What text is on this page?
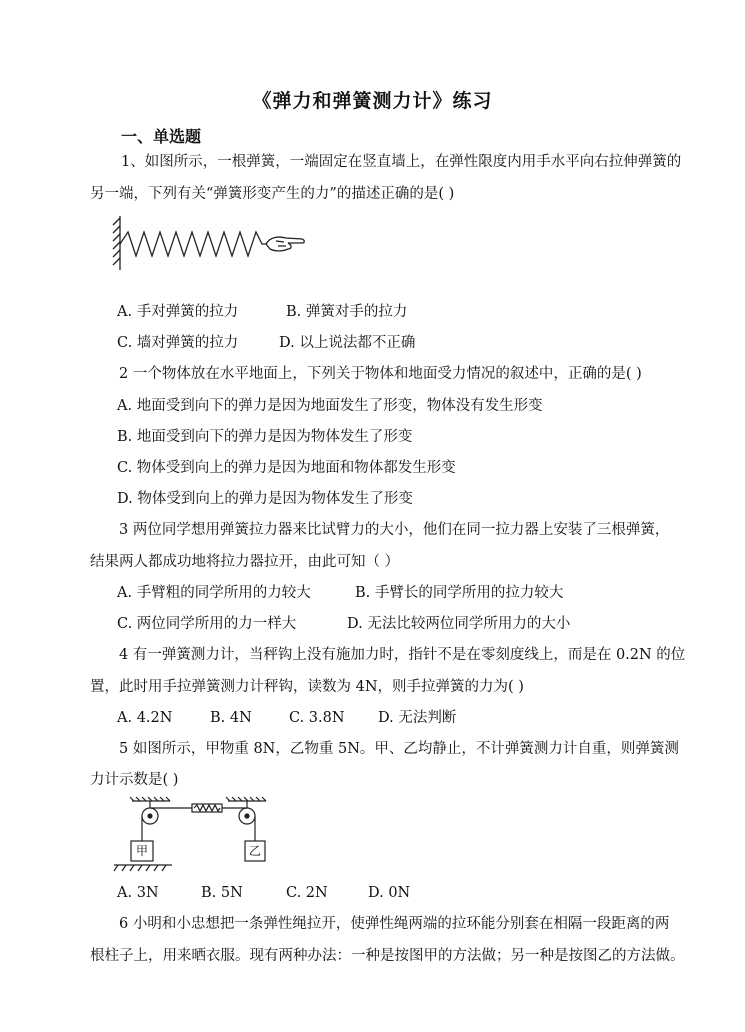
《弹力和弹簧测力计》练习
一、单选题
1、如图所示，一根弹簧，一端固定在竖直墙上，在弹性限度内用手水平向右拉伸弹簧的
另一端，下列有关“弹簧形变产生的力”的描述正确的是( )
A. 手对弹簧的拉力	B. 弹簧对手的拉力
C. 墙对弹簧的拉力	D. 以上说法都不正确
2 一个物体放在水平地面上，下列关于物体和地面受力情况的叙述中，正确的是( )
A. 地面受到向下的弹力是因为地面发生了形变，物体没有发生形变
B. 地面受到向下的弹力是因为物体发生了形变
C. 物体受到向上的弹力是因为地面和物体都发生形变
D. 物体受到向上的弹力是因为物体发生了形变
3 两位同学想用弹簧拉力器来比试臂力的大小，他们在同一拉力器上安装了三根弹簧，
结果两人都成功地将拉力器拉开，由此可知（ ）
A. 手臂粗的同学所用的力较大	B. 手臂长的同学所用的拉力较大
C. 两位同学所用的力一样大	D. 无法比较两位同学所用力的大小
4 有一弹簧测力计，当秤钩上没有施加力时，指针不是在零刻度线上，而是在 0.2N 的位
置，此时用手拉弹簧测力计秤钩，读数为 4N，则手拉弹簧的力为( )
A. 4.2N	B. 4N	C. 3.8N D. 无法判断
5 如图所示，甲物重 8N，乙物重 5N。甲、乙均静止，不计弹簧测力计自重，则弹簧测
力计示数是( )
甲	乙
A. 3N	B. 5N	C. 2N	D. 0N
6 小明和小忠想把一条弹性绳拉开，使弹性绳两端的拉环能分别套在相隔一段距离的两
根柱子上，用来晒衣服。现有两种办法：一种是按图甲的方法做；另一种是按图乙的方法做。
